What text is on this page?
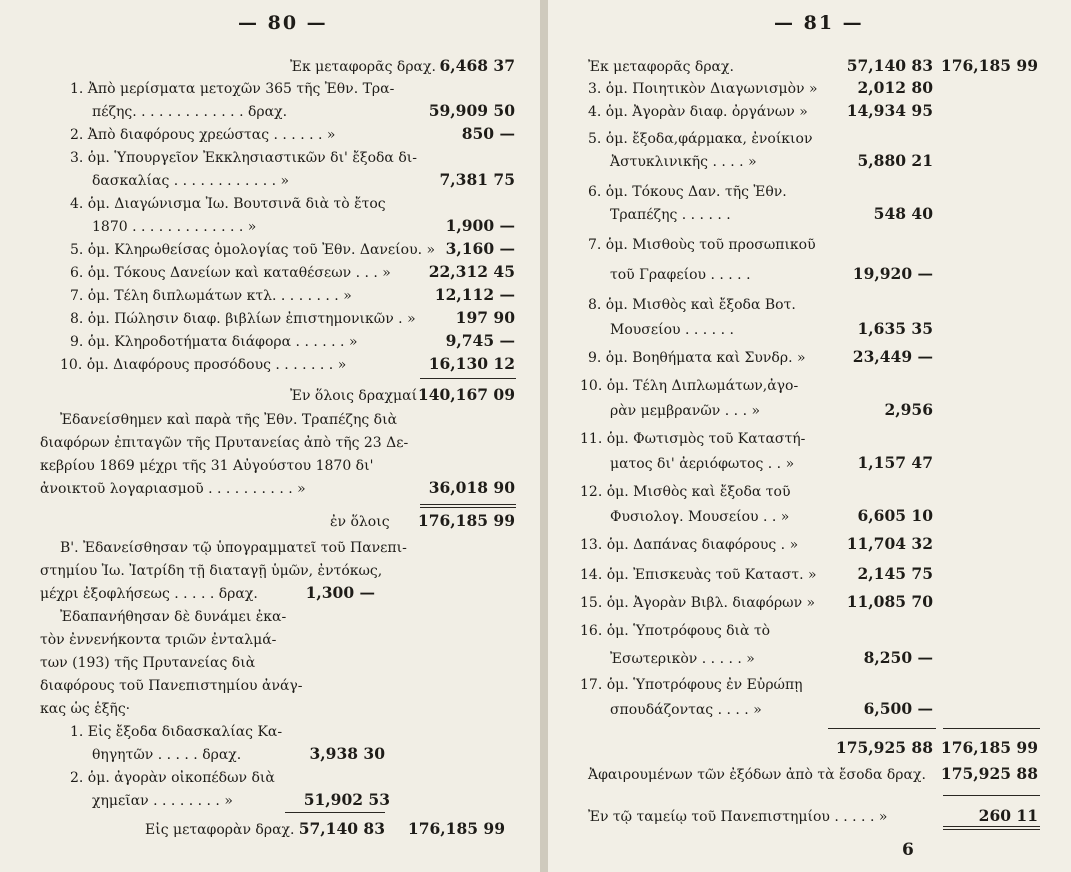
— 80 —
Ἐκ μεταφορᾶς δραχ. 6,468 37
1. Ἀπὸ μερίσματα μετοχῶν 365 τῆς Ἐθν. Τρα-
πέζης. . . . . . . . . . . . . δραχ.	59,909 50
2. Ἀπὸ διαφόρους χρεώστας . . . . . . »	850 —
3. ὁμ. Ὑπουργεῖον Ἐκκλησιαστικῶν δι' ἔξοδα δι-
δασκαλίας . . . . . . . . . . . . »	7,381 75
4. ὁμ. Διαγώνισμα Ἰω. Βουτσινᾶ διὰ τὸ ἔτος
1870 . . . . . . . . . . . . . »	1,900 —
5. ὁμ. Κληρωθείσας ὁμολογίας τοῦ Ἐθν. Δανείου. » 3,160 —
6. ὁμ. Τόκους Δανείων καὶ καταθέσεων . . . » 22,312 45
7. ὁμ. Τέλη διπλωμάτων κτλ. . . . . . . . »	12,112 —
8. ὁμ. Πώλησιν διαφ. βιβλίων ἐπιστημονικῶν . »	197 90
9. ὁμ. Κληροδοτήματα διάφορα . . . . . . »	9,745 —
10. ὁμ. Διαφόρους προσόδους . . . . . . . »	16,130 12
Ἐν ὅλοις δραχμαί 140,167 09
Ἐδανείσθημεν καὶ παρὰ τῆς Ἐθν. Τραπέζης διὰ
διαφόρων ἐπιταγῶν τῆς Πρυτανείας ἀπὸ τῆς 23 Δε-
κεβρίου 1869 μέχρι τῆς 31 Αὐγούστου 1870 δι'
ἀνοικτοῦ λογαριασμοῦ . . . . . . . . . . »	36,018 90
ἐν ὅλοις 176,185 99
Β'. Ἐδανείσθησαν τῷ ὑπογραμματεῖ τοῦ Πανεπι-
στημίου Ἰω. Ἰατρίδη τῇ διαταγῇ ὑμῶν, ἐντόκως,
μέχρι ἐξοφλήσεως . . . . . δραχ.	1,300 —
Ἐδαπανήθησαν δὲ δυνάμει ἐκα-
τὸν ἐννενήκοντα τριῶν ἐνταλμά-
των (193) τῆς Πρυτανείας διὰ
διαφόρους τοῦ Πανεπιστημίου ἀνάγ-
κας ὡς ἑξῆς·
1. Εἰς ἔξοδα διδασκαλίας Κα-
θηγητῶν . . . . . δραχ.	3,938 30
2. ὁμ. ἀγορὰν οἰκοπέδων διὰ
χημεῖαν . . . . . . . . »	51,902 53
Εἰς μεταφορὰν δραχ. 57,140 83 176,185 99
— 81 —
6
Ἐκ μεταφορᾶς δραχ.	57,140 83 176,185 99
3. ὁμ. Ποιητικὸν Διαγωνισμὸν »	2,012 80
4. ὁμ. Ἀγορὰν διαφ. ὀργάνων »	14,934 95
5. ὁμ. ἔξοδα,φάρμακα, ἐνοίκιον
Ἀστυκλινικῆς . . . . »	5,880 21
6. ὁμ. Τόκους Δαν. τῆς Ἐθν.
Τραπέζης . . . . . .	548 40
7. ὁμ. Μισθοὺς τοῦ προσωπικοῦ
τοῦ Γραφείου . . . . .	19,920 —
8. ὁμ. Μισθὸς καὶ ἔξοδα Βοτ.
Μουσείου . . . . . .	1,635 35
9. ὁμ. Βοηθήματα καὶ Συνδρ. »	23,449 —
10. ὁμ. Τέλη Διπλωμάτων,ἀγο-
ρὰν μεμβρανῶν . . . »	2,956
11. ὁμ. Φωτισμὸς τοῦ Καταστή-
ματος δι' ἀεριόφωτος . . »	1,157 47
12. ὁμ. Μισθὸς καὶ ἔξοδα τοῦ
Φυσιολογ. Μουσείου . . »	6,605 10
13. ὁμ. Δαπάνας διαφόρους . »	11,704 32
14. ὁμ. Ἐπισκευὰς τοῦ Καταστ. »	2,145 75
15. ὁμ. Ἀγορὰν Βιβλ. διαφόρων » 11,085 70
16. ὁμ. Ὑποτρόφους διὰ τὸ
Ἐσωτερικὸν . . . . . »	8,250 —
17. ὁμ. Ὑποτρόφους ἐν Εὐρώπῃ
σπουδάζοντας . . . . »	6,500 —
175,925 88 176,185 99
Ἀφαιρουμένων τῶν ἐξόδων ἀπὸ τὰ ἔσοδα δραχ. 175,925 88
Ἐν τῷ ταμείῳ τοῦ Πανεπιστημίου . . . . . »	260 11
